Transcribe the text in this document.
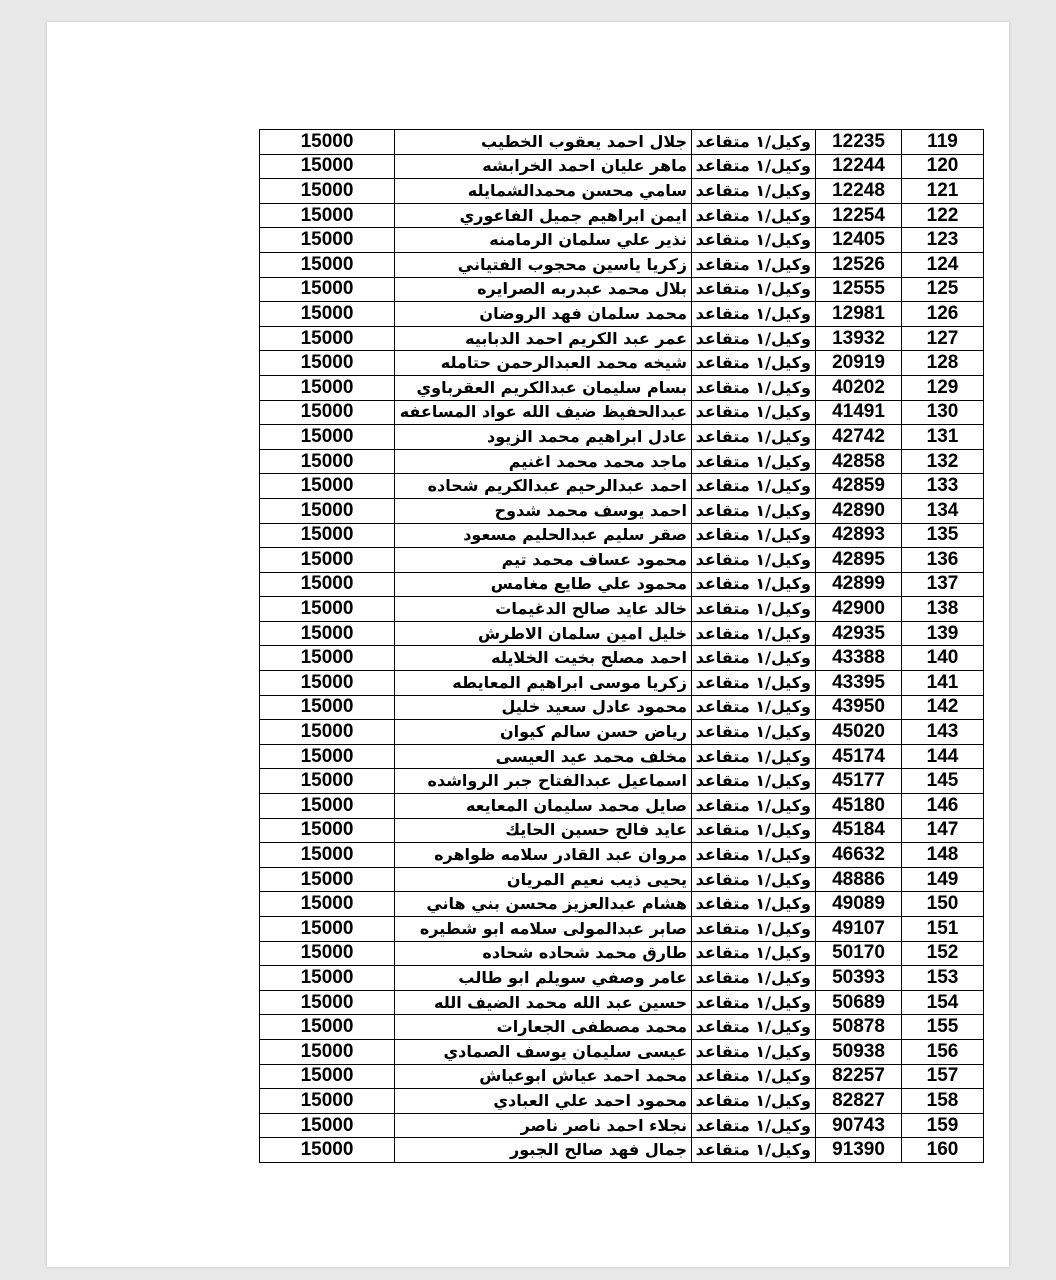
119	12235	وكيل/١ متقاعد	جلال احمد يعقوب الخطيب	15000
120	12244	وكيل/١ متقاعد	ماهر عليان احمد الخرابشه	15000
121	12248	وكيل/١ متقاعد	سامي محسن محمدالشمايله	15000
122	12254	وكيل/١ متقاعد	ايمن ابراهيم جميل الفاعوري	15000
123	12405	وكيل/١ متقاعد	نذير علي سلمان الرمامنه	15000
124	12526	وكيل/١ متقاعد	زكريا ياسين محجوب الفتياني	15000
125	12555	وكيل/١ متقاعد	بلال محمد عبدربه الصرايره	15000
126	12981	وكيل/١ متقاعد	محمد سلمان فهد الروضان	15000
127	13932	وكيل/١ متقاعد	عمر عبد الكريم احمد الدبابيه	15000
128	20919	وكيل/١ متقاعد	شيخه محمد العبدالرحمن حتامله	15000
129	40202	وكيل/١ متقاعد	بسام سليمان عبدالكريم العقرباوي	15000
130	41491	وكيل/١ متقاعد	عبدالحفيظ ضيف الله عواد المساعفه	15000
131	42742	وكيل/١ متقاعد	عادل ابراهيم محمد الزيود	15000
132	42858	وكيل/١ متقاعد	ماجد محمد محمد اغنيم	15000
133	42859	وكيل/١ متقاعد	احمد عبدالرحيم عبدالكريم شحاده	15000
134	42890	وكيل/١ متقاعد	احمد يوسف محمد شدوح	15000
135	42893	وكيل/١ متقاعد	صقر سليم عبدالحليم مسعود	15000
136	42895	وكيل/١ متقاعد	محمود عساف محمد تيم	15000
137	42899	وكيل/١ متقاعد	محمود علي طايع مغامس	15000
138	42900	وكيل/١ متقاعد	خالد عايد صالح الدغيمات	15000
139	42935	وكيل/١ متقاعد	خليل امين سلمان الاطرش	15000
140	43388	وكيل/١ متقاعد	احمد مصلح بخيت الخلايله	15000
141	43395	وكيل/١ متقاعد	زكريا موسى ابراهيم المعايطه	15000
142	43950	وكيل/١ متقاعد	محمود عادل سعيد خليل	15000
143	45020	وكيل/١ متقاعد	رياض حسن سالم كيوان	15000
144	45174	وكيل/١ متقاعد	مخلف محمد عيد العيسى	15000
145	45177	وكيل/١ متقاعد	اسماعيل عبدالفتاح جبر الرواشده	15000
146	45180	وكيل/١ متقاعد	صايل محمد سليمان المعايعه	15000
147	45184	وكيل/١ متقاعد	عايد فالح حسين الحايك	15000
148	46632	وكيل/١ متقاعد	مروان عبد القادر سلامه ظواهره	15000
149	48886	وكيل/١ متقاعد	يحيى ذيب نعيم المريان	15000
150	49089	وكيل/١ متقاعد	هشام عبدالعزيز محسن بني هاني	15000
151	49107	وكيل/١ متقاعد	صابر عبدالمولى سلامه ابو شطيره	15000
152	50170	وكيل/١ متقاعد	طارق محمد شحاده شحاده	15000
153	50393	وكيل/١ متقاعد	عامر وصفي سويلم ابو طالب	15000
154	50689	وكيل/١ متقاعد	حسين عبد الله محمد الضيف الله	15000
155	50878	وكيل/١ متقاعد	محمد مصطفى الجعارات	15000
156	50938	وكيل/١ متقاعد	عيسى سليمان يوسف الصمادي	15000
157	82257	وكيل/١ متقاعد	محمد احمد عياش ابوعياش	15000
158	82827	وكيل/١ متقاعد	محمود احمد علي العبادي	15000
159	90743	وكيل/١ متقاعد	نجلاء احمد ناصر ناصر	15000
160	91390	وكيل/١ متقاعد	جمال فهد صالح الجبور	15000
